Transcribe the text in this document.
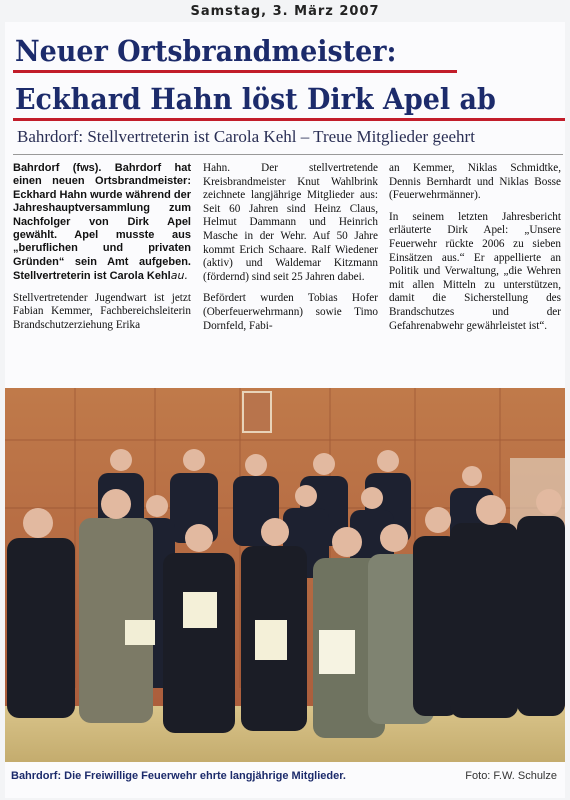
Samstag, 3. März 2007
Neuer Ortsbrandmeister:
Eckhard Hahn löst Dirk Apel ab
Bahrdorf: Stellvertreterin ist Carola Kehl – Treue Mitglieder geehrt

Bahrdorf (fws). Bahrdorf hat einen neuen Ortsbrandmeister: Eckhard Hahn wurde während der Jahreshauptversammlung zum Nachfolger von Dirk Apel gewählt. Apel musste aus „beruflichen und privaten Gründen“ sein Amt aufgeben. Stellvertreterin ist Carola Kehlau.

Stellvertretender Jugendwart ist jetzt Fabian Kemmer, Fachbereichsleiterin Brandschutzerziehung Erika

Hahn. Der stellvertretende Kreisbrandmeister Knut Wahlbrink zeichnete langjährige Mitglieder aus: Seit 60 Jahren sind Heinz Claus, Helmut Dammann und Heinrich Masche in der Wehr. Auf 50 Jahre kommt Erich Schaare. Ralf Wiedener (aktiv) und Waldemar Kitzmann (fördernd) sind seit 25 Jahren dabei.

Befördert wurden Tobias Hofer (Oberfeuerwehrmann) sowie Timo Dornfeld, Fabi-

an Kemmer, Niklas Schmidtke, Dennis Bernhardt und Niklas Bosse (Feuerwehrmänner).

In seinem letzten Jahresbericht erläuterte Dirk Apel: „Unsere Feuerwehr rückte 2006 zu sieben Einsätzen aus.“ Er appellierte an Politik und Verwaltung, „die Wehren mit allen Mitteln zu unterstützen, damit die Sicherstellung des Brandschutzes und der Gefahrenabwehr gewährleistet ist“.

Bahrdorf: Die Freiwillige Feuerwehr ehrte langjährige Mitglieder.	Foto: F.W. Schulze
